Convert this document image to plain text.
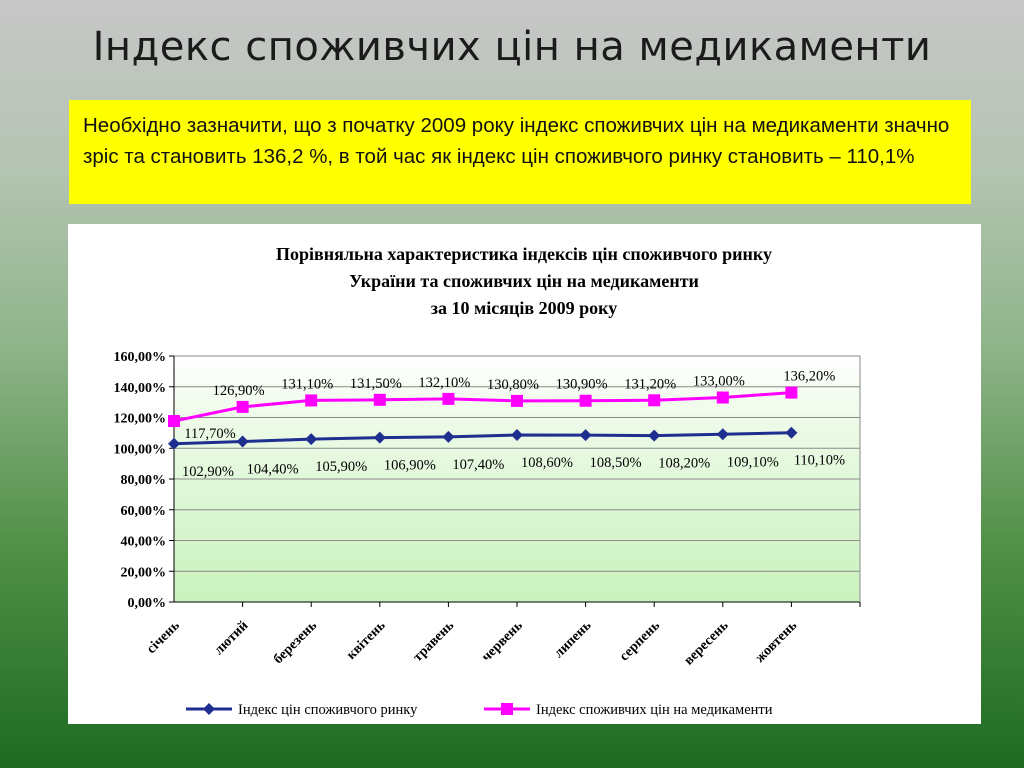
Індекс споживчих цін на медикаменти
Необхідно зазначити, що з початку 2009 року індекс споживчих цін на медикаменти значно зріс та становить 136,2 %, в той час як індекс цін споживчого ринку становить – 110,1%
Порівняльна характеристика індексів цін споживчого ринку
України та споживчих цін на медикаменти
за 10 місяців 2009 року
0,00%
20,00%
40,00%
60,00%
80,00%
100,00%
120,00%
140,00%
160,00%
січень лютий березень квітень травень червень липень серпень вересень жовтень
102,90% 104,40% 105,90% 106,90% 107,40% 108,60% 108,50% 108,20% 109,10% 110,10%
117,70%
126,90% 131,10% 131,50% 132,10% 130,80% 130,90% 131,20% 133,00%	136,20%
Індекс цін споживчого ринку	Індекс споживчих цін на медикаменти
